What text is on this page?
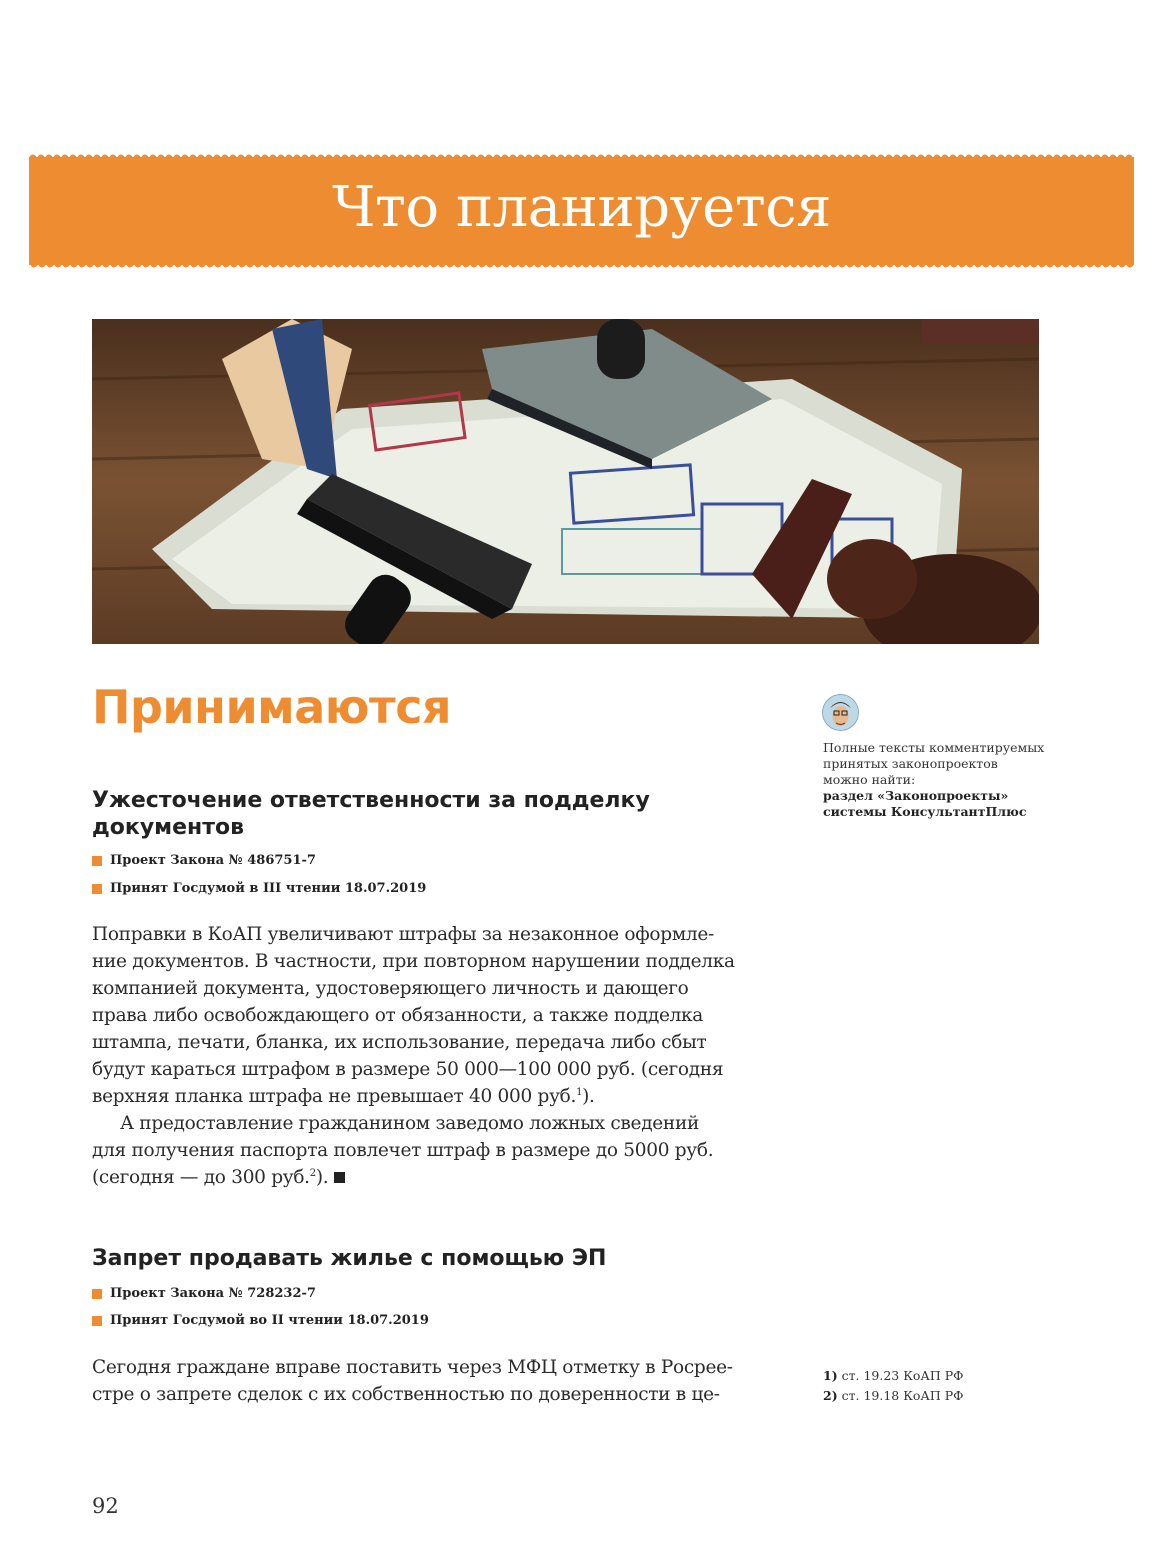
Что планируется
Принимаются
Ужесточение ответственности за подделку
документов
Проект Закона № 486751-7
Принят Госдумой в III чтении 18.07.2019
Поправки в КоАП увеличивают штрафы за незаконное оформле-
ние документов. В частности, при повторном нарушении подделка
компанией документа, удостоверяющего личность и дающего
права либо освобождающего от обязанности, а также подделка
штампа, печати, бланка, их использование, передача либо сбыт
будут караться штрафом в размере 50 000—100 000 руб. (сегодня
верхняя планка штрафа не превышает 40 000 руб.$^1$).
А предоставление гражданином заведомо ложных сведений
для получения паспорта повлечет штраф в размере до 5000 руб.
(сегодня — до 300 руб.$^2$).
Запрет продавать жилье с помощью ЭП
Проект Закона № 728232-7
Принят Госдумой во II чтении 18.07.2019
Сегодня граждане вправе поставить через МФЦ отметку в Росрее-
стре о запрете сделок с их собственностью по доверенности в це-
Полные тексты комментируемых
принятых законопроектов
можно найти:
раздел «Законопроекты»
системы КонсультантПлюс
1) ст. 19.23 КоАП РФ
2) ст. 19.18 КоАП РФ
92
